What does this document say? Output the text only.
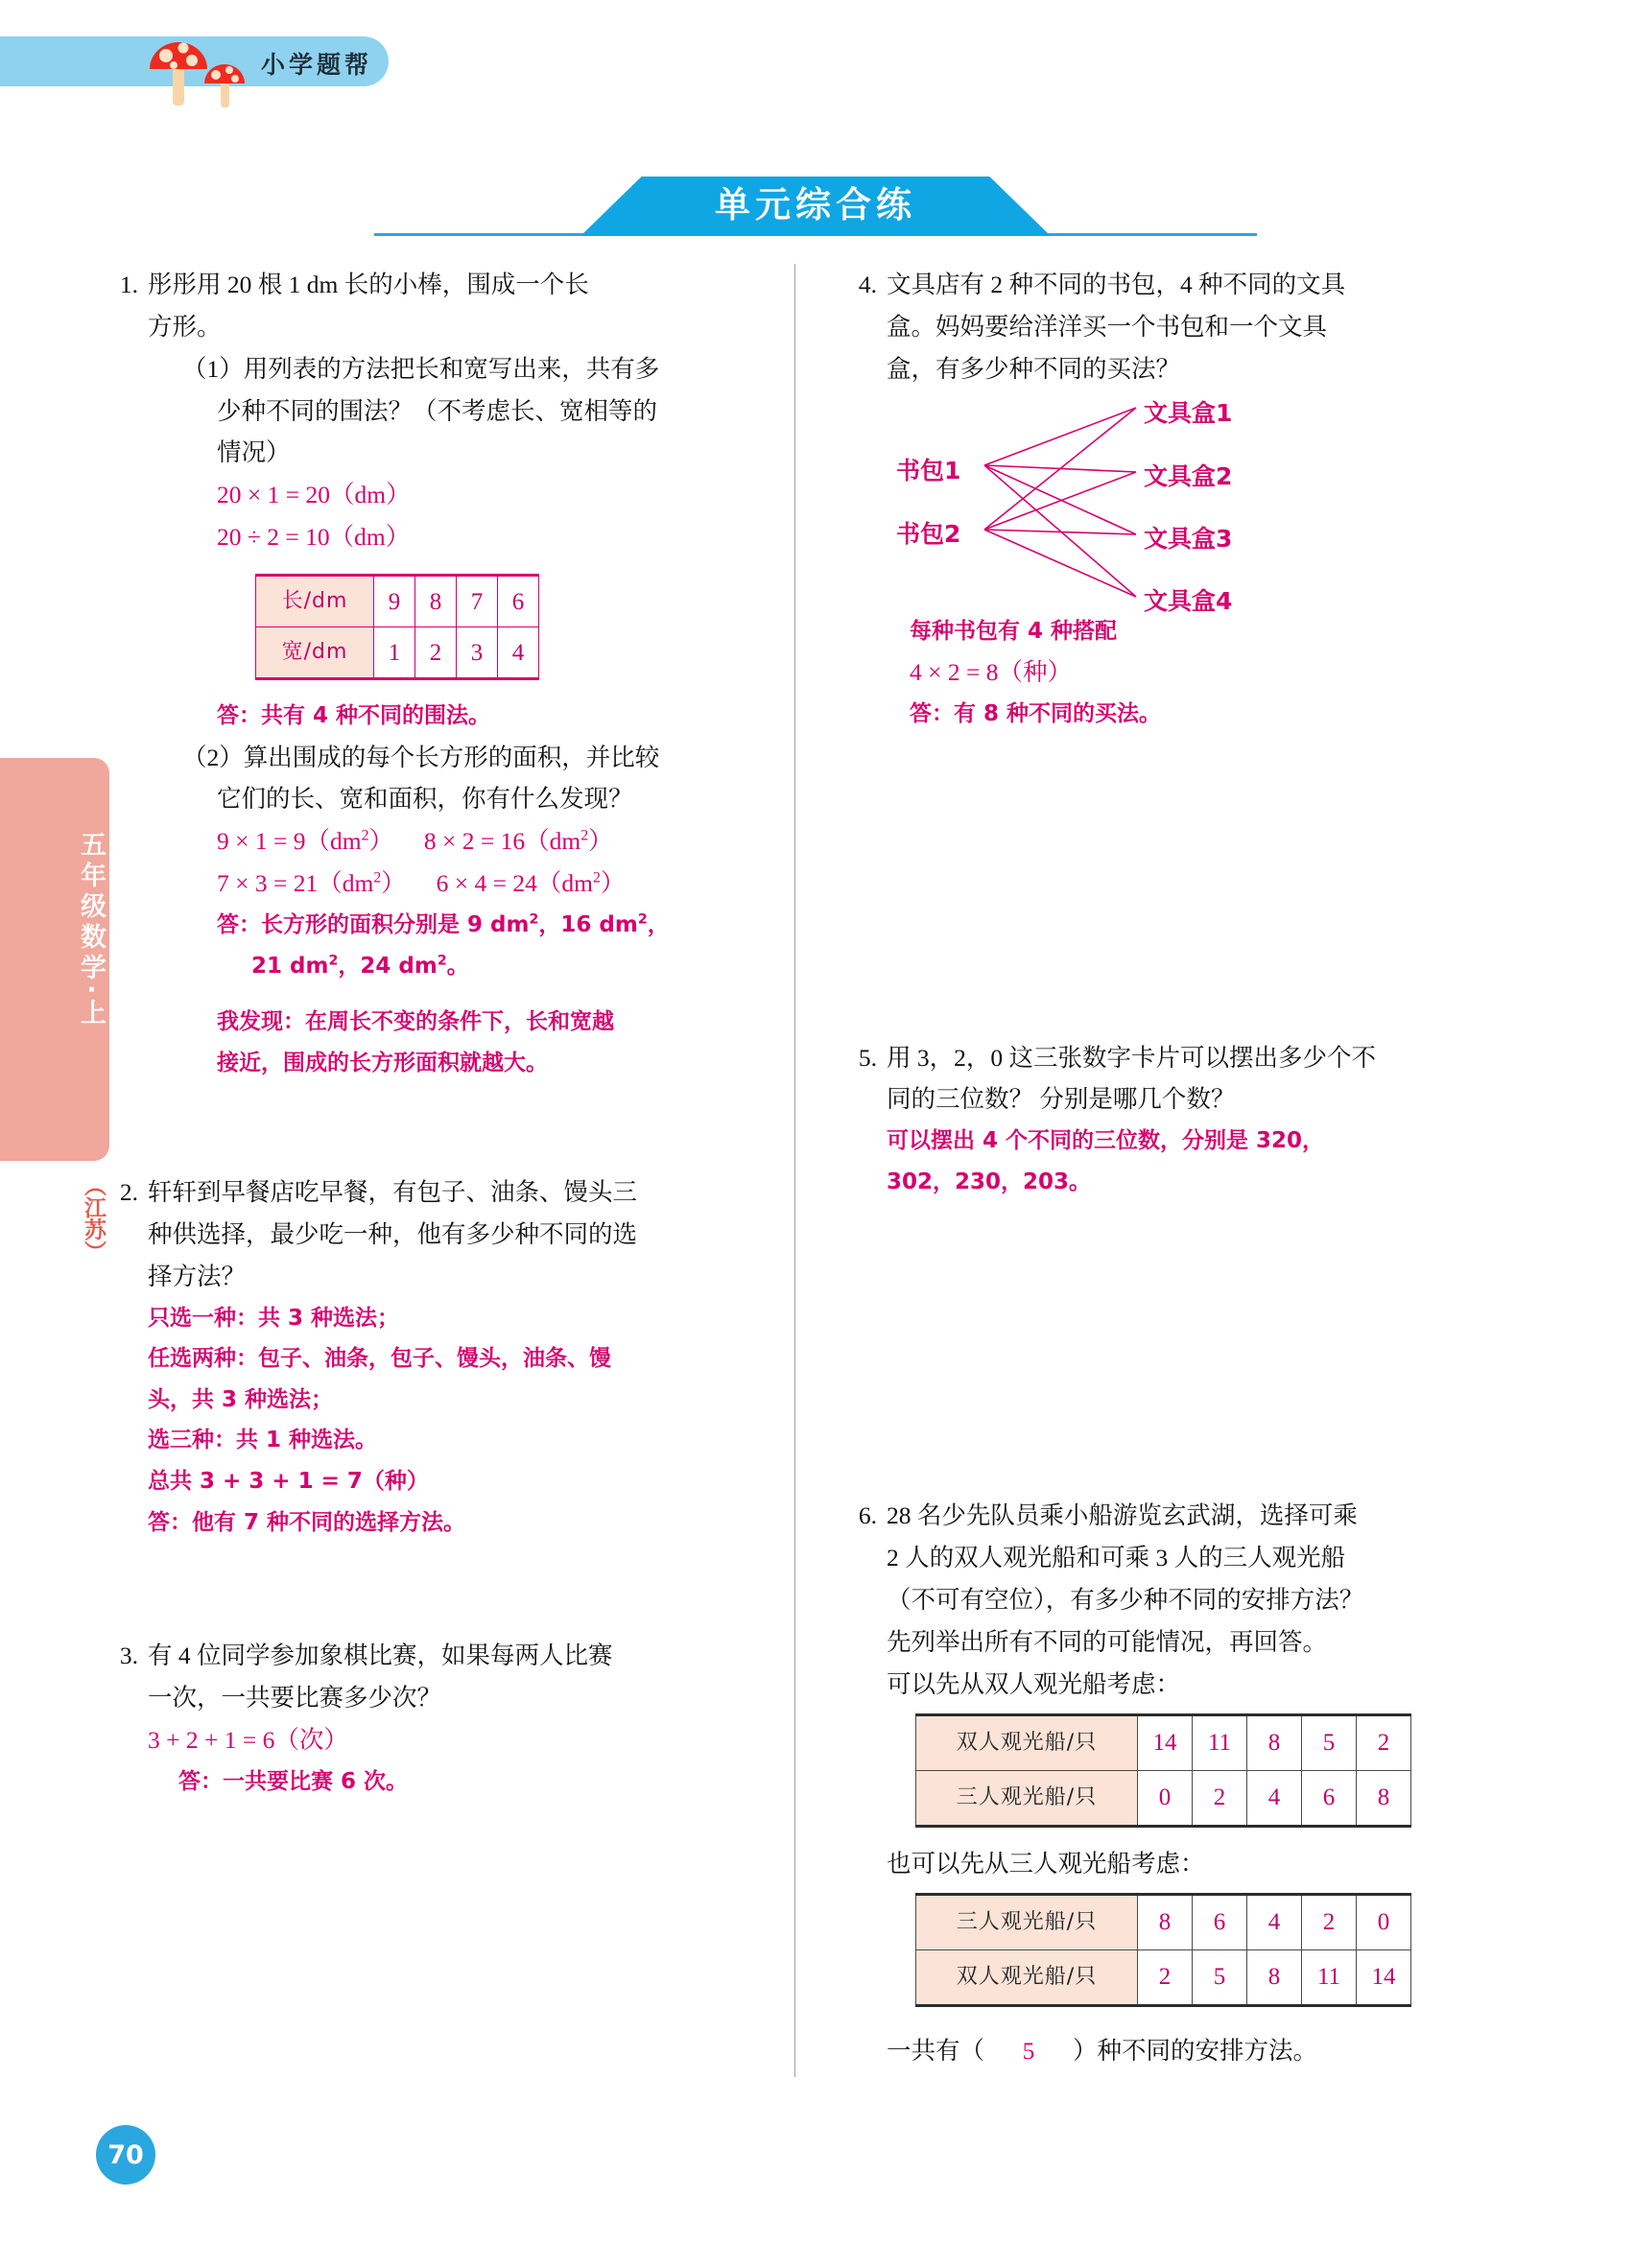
小学题帮
单元综合练
五年级数学·上
（江苏）
70
1. 彤彤用 20 根 1 dm 长的小棒，围成一个长
方形。
（1）用列表的方法把长和宽写出来，共有多
少种不同的围法？（不考虑长、宽相等的
情况）
20 × 1 = 20（dm）
20 ÷ 2 = 10（dm）
长/dm	9	8	7	6
宽/dm	1	2	3	4
答：共有 4 种不同的围法。
（2）算出围成的每个长方形的面积，并比较
它们的长、宽和面积，你有什么发现？
$9 \times 1 = 9(dm^2) 8 \times 2 = 16(dm^2)$
$7 \times 3 = 21(dm^2) 6 \times 4 = 24(dm^2)$
答：长方形的面积分别是 9 $dm^2$，16 $dm^2$，
21 $dm^2$，24 $dm^2$。
我发现：在周长不变的条件下，长和宽越
接近，围成的长方形面积就越大。
2. 轩轩到早餐店吃早餐，有包子、油条、馒头三
种供选择，最少吃一种，他有多少种不同的选
择方法？
只选一种：共 3 种选法；
任选两种：包子、油条，包子、馒头，油条、馒
头，共 3 种选法；
选三种：共 1 种选法。
总共 3 + 3 + 1 = 7（种）
答：他有 7 种不同的选择方法。
3. 有 4 位同学参加象棋比赛，如果每两人比赛
一次，一共要比赛多少次？
3 + 2 + 1 = 6（次）
答：一共要比赛 6 次。
4. 文具店有 2 种不同的书包，4 种不同的文具
盒。妈妈要给洋洋买一个书包和一个文具
盒，有多少种不同的买法？
书包1
书包2
文具盒1
文具盒2
文具盒3
文具盒4
每种书包有 4 种搭配
4 × 2 = 8（种）
答：有 8 种不同的买法。
5. 用 3，2，0 这三张数字卡片可以摆出多少个不
同的三位数？ 分别是哪几个数？
可以摆出 4 个不同的三位数，分别是 320，
302，230，203。
6. 28 名少先队员乘小船游览玄武湖，选择可乘
2 人的双人观光船和可乘 3 人的三人观光船
（不可有空位），有多少种不同的安排方法？
先列举出所有不同的可能情况，再回答。
可以先从双人观光船考虑：
双人观光船/只	14	11	8	5	2
三人观光船/只	0	2	4	6	8
也可以先从三人观光船考虑：
三人观光船/只	8	6	4	2	0
双人观光船/只	2	5	8	11	14
一共有（ 5 ）种不同的安排方法。
